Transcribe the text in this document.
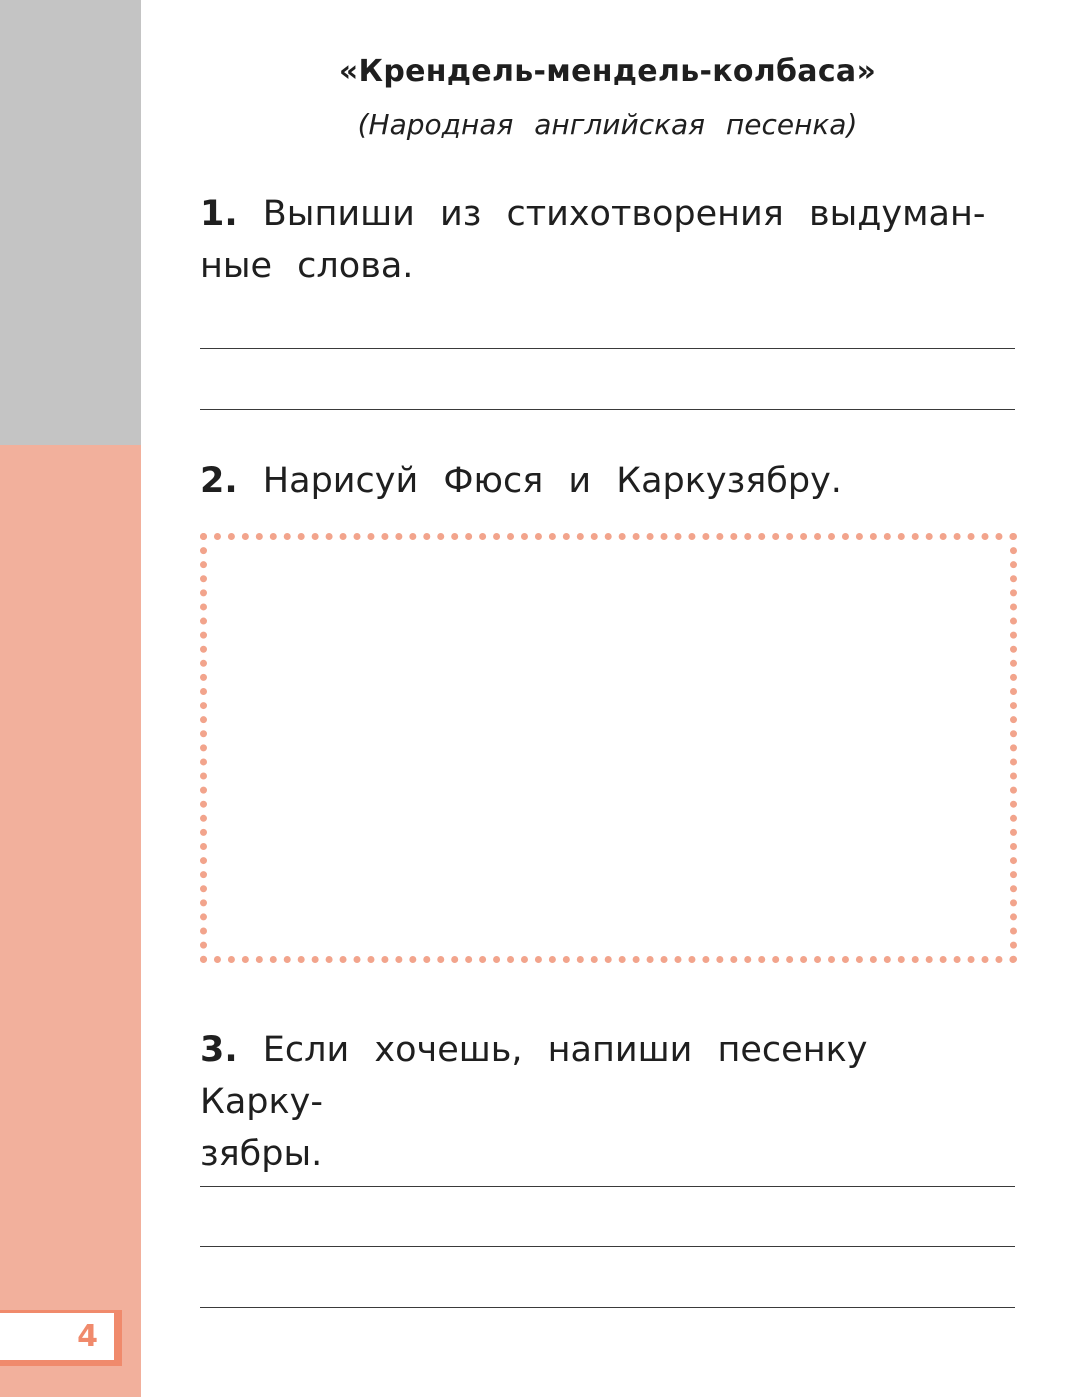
4
«Крендель-мендель-колбаса»
(Народная английская песенка)
1. Выпиши из стихотворения выдуман-
ные слова.
2. Нарисуй Фюся и Каркузябру.
3. Если хочешь, напиши песенку Карку-
зябры.
